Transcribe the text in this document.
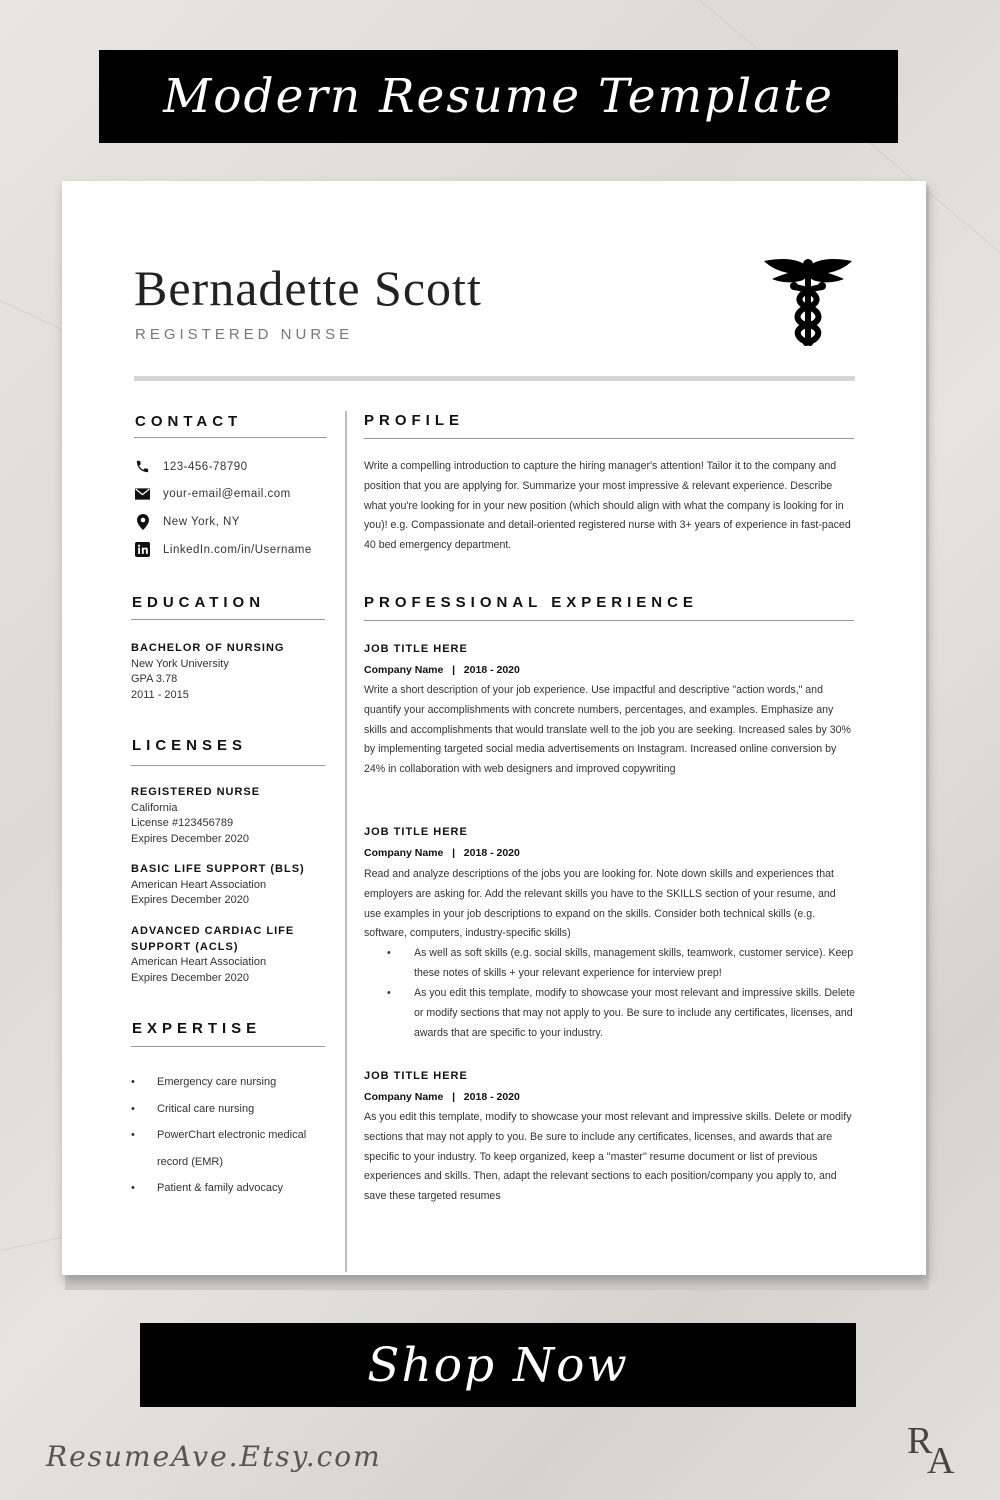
Modern Resume Template
Bernadette Scott
REGISTERED NURSE
CONTACT
123-456-78790
your-email@email.com
New York, NY
LinkedIn.com/in/Username
EDUCATION
BACHELOR OF NURSING
New York University
GPA 3.78
2011 - 2015
LICENSES
REGISTERED NURSE
California
License #123456789
Expires December 2020
BASIC LIFE SUPPORT (BLS)
American Heart Association
Expires December 2020
ADVANCED CARDIAC LIFE
SUPPORT (ACLS)
American Heart Association
Expires December 2020
EXPERTISE
• Emergency care nursing
• Critical care nursing
• PowerChart electronic medical record (EMR)
• Patient & family advocacy
PROFILE
Write a compelling introduction to capture the hiring manager's attention! Tailor it to the company and position that you are applying for. Summarize your most impressive & relevant experience. Describe what you're looking for in your new position (which should align with what the company is looking for in you)! e.g. Compassionate and detail-oriented registered nurse with 3+ years of experience in fast-paced 40 bed emergency department.
PROFESSIONAL EXPERIENCE
JOB TITLE HERE
Company Name   |   2018 - 2020
Write a short description of your job experience. Use impactful and descriptive "action words," and quantify your accomplishments with concrete numbers, percentages, and examples. Emphasize any skills and accomplishments that would translate well to the job you are seeking. Increased sales by 30% by implementing targeted social media advertisements on Instagram. Increased online conversion by 24% in collaboration with web designers and improved copywriting
JOB TITLE HERE
Company Name   |   2018 - 2020
Read and analyze descriptions of the jobs you are looking for. Note down skills and experiences that employers are asking for. Add the relevant skills you have to the SKILLS section of your resume, and use examples in your job descriptions to expand on the skills. Consider both technical skills (e.g. software, computers, industry-specific skills)
• As well as soft skills (e.g. social skills, management skills, teamwork, customer service). Keep these notes of skills + your relevant experience for interview prep!
• As you edit this template, modify to showcase your most relevant and impressive skills. Delete or modify sections that may not apply to you. Be sure to include any certificates, licenses, and awards that are specific to your industry.
JOB TITLE HERE
Company Name   |   2018 - 2020
As you edit this template, modify to showcase your most relevant and impressive skills. Delete or modify sections that may not apply to you. Be sure to include any certificates, licenses, and awards that are specific to your industry. To keep organized, keep a "master" resume document or list of previous experiences and skills. Then, adapt the relevant sections to each position/company you apply to, and save these targeted resumes
Shop Now
ResumeAve.Etsy.com	R
A
